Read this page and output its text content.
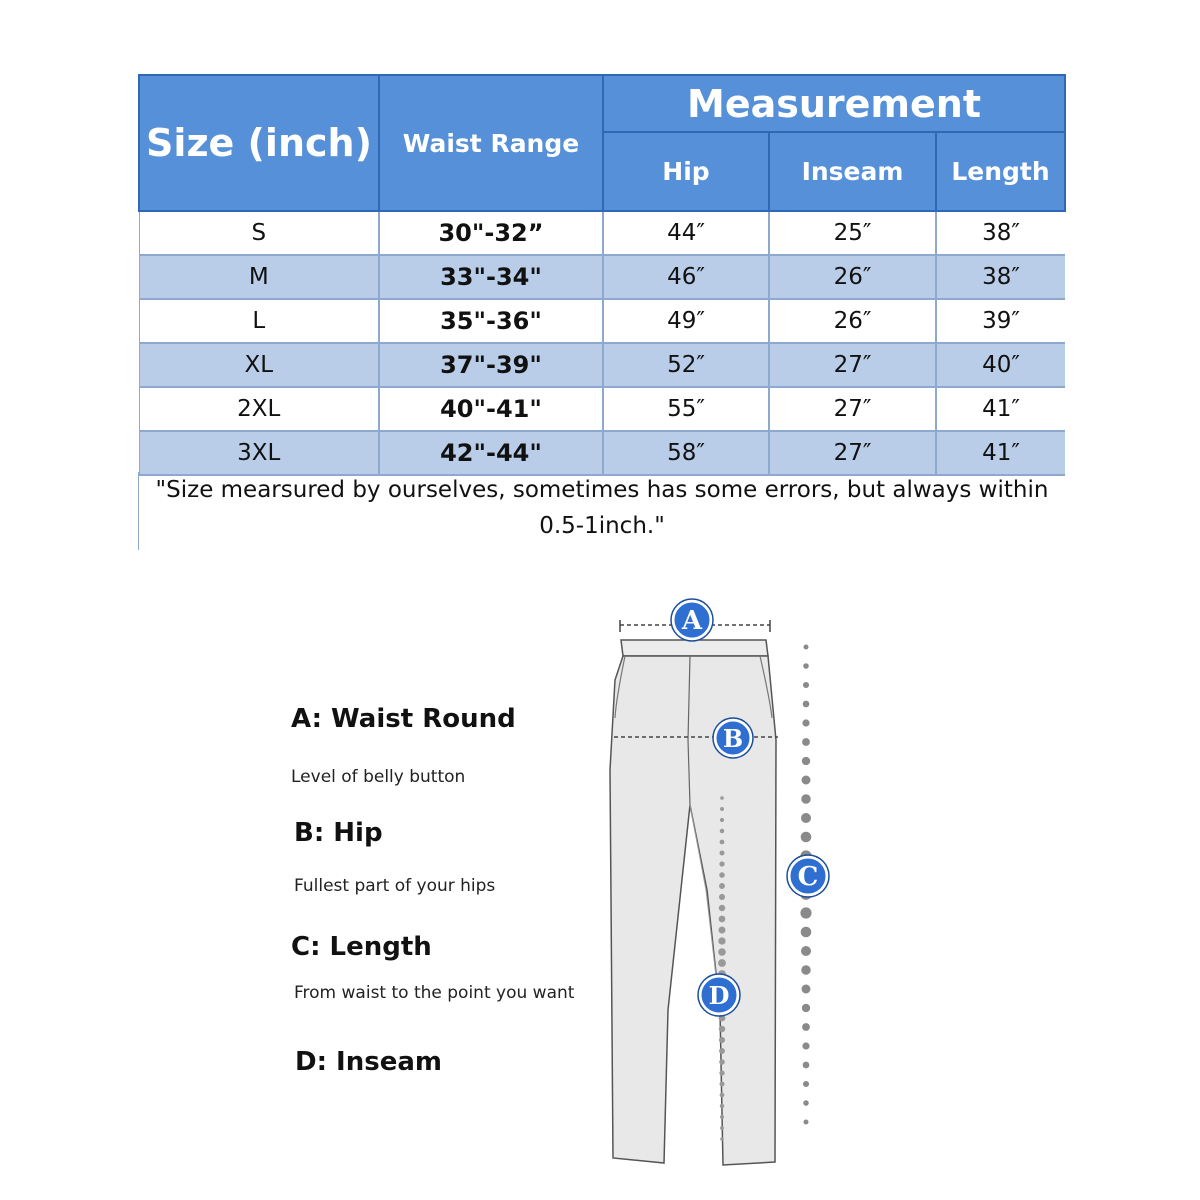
Size (inch)	Waist Range	Measurement		
		Hip	Inseam	Length
S	30"-32”	44″	25″	38″
M	33"-34"	46″	26″	38″
L	35"-36"	49″	26″	39″
XL	37"-39"	52″	27″	40″
2XL	40"-41"	55″	27″	41″
3XL	42"-44"	58″	27″	41″
"Size mearsured by ourselves, sometimes has some errors, but always within 0.5-1inch."
A: Waist Round
Level of belly button
B: Hip
Fullest part of your hips
C: Length
From waist to the point you want
D: Inseam
A
B
C
D
